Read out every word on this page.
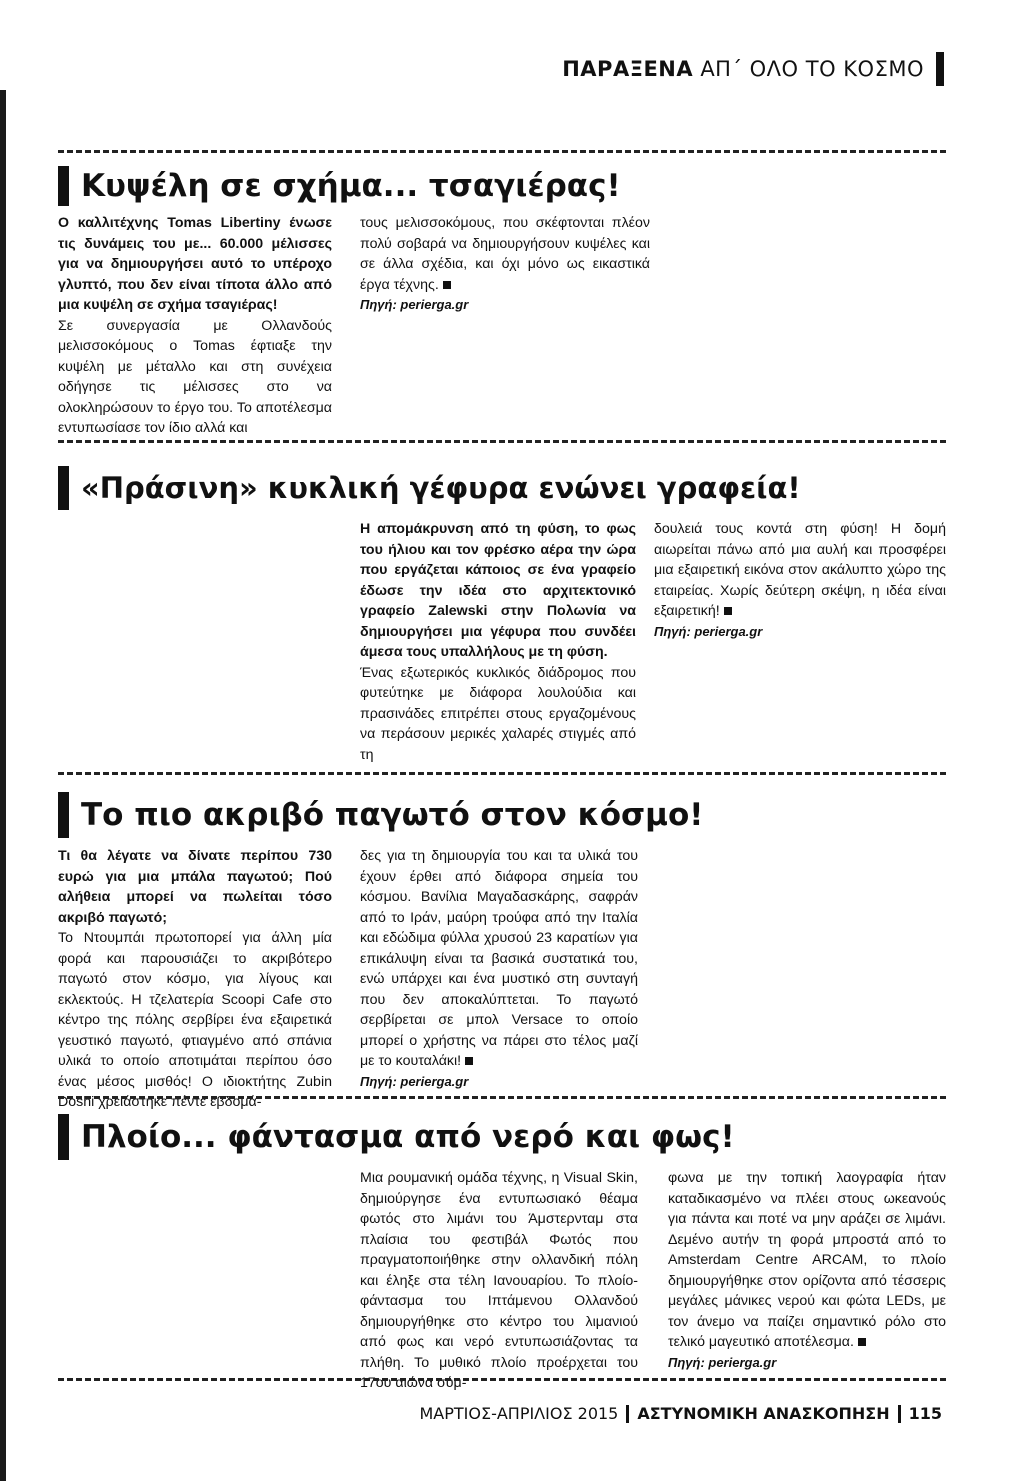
ΠΑΡΑΞΕΝΑ ΑΠ΄ ΟΛΟ ΤΟ ΚΟΣΜΟ
Κυψέλη σε σχήμα... τσαγιέρας!

Ο καλλιτέχνης Tomas Libertiny ένωσε τις δυνάμεις του με... 60.000 μέλισσες για να δημιουργήσει αυτό το υπέροχο γλυπτό, που δεν είναι τίποτα άλλο από μια κυψέλη σε σχήμα τσαγιέρας!

Σε συνεργασία με Ολλανδούς μελισσοκόμους ο Tomas έφτιαξε την κυψέλη με μέταλλο και στη συνέχεια οδήγησε τις μέλισσες στο να ολοκληρώσουν το έργο του. Το αποτέλεσμα εντυπωσίασε τον ίδιο αλλά και

τους μελισσοκόμους, που σκέφτονται πλέον πολύ σοβαρά να δημιουργήσουν κυψέλες και σε άλλα σχέδια, και όχι μόνο ως εικαστικά έργα τέχνης.

Πηγή: perierga.gr

«Πράσινη» κυκλική γέφυρα ενώνει γραφεία!

Η απομάκρυνση από τη φύση, το φως του ήλιου και τον φρέσκο αέρα την ώρα που εργάζεται κάποιος σε ένα γραφείο έδωσε την ιδέα στο αρχιτεκτονικό γραφείο Zalewski στην Πολωνία να δημιουργήσει μια γέφυρα που συνδέει άμεσα τους υπαλλήλους με τη φύση.

Ένας εξωτερικός κυκλικός διάδρομος που φυτεύτηκε με διάφορα λουλούδια και πρασινάδες επιτρέπει στους εργαζομένους να περάσουν μερικές χαλαρές στιγμές από τη

δουλειά τους κοντά στη φύση! Η δομή αιωρείται πάνω από μια αυλή και προσφέρει μια εξαιρετική εικόνα στον ακάλυπτο χώρο της εταιρείας. Χωρίς δεύτερη σκέψη, η ιδέα είναι εξαιρετική!

Πηγή: perierga.gr

Το πιο ακριβό παγωτό στον κόσμο!

Τι θα λέγατε να δίνατε περίπου 730 ευρώ για μια μπάλα παγωτού; Πού αλήθεια μπορεί να πωλείται τόσο ακριβό παγωτό;

Το Ντουμπάι πρωτοπορεί για άλλη μία φορά και παρουσιάζει το ακριβότερο παγωτό στον κόσμο, για λίγους και εκλεκτούς. Η τζελατερία Scoopi Cafe στο κέντρο της πόλης σερβίρει ένα εξαιρετικά γευστικό παγωτό, φτιαγμένο από σπάνια υλικά το οποίο αποτιμάται περίπου όσο ένας μέσος μισθός! Ο ιδιοκτήτης Zubin Doshi χρειάστηκε πέντε εβδομά-

δες για τη δημιουργία του και τα υλικά του έχουν έρθει από διάφορα σημεία του κόσμου. Βανίλια Μαγαδασκάρης, σαφράν από το Ιράν, μαύρη τρούφα από την Ιταλία και εδώδιμα φύλλα χρυσού 23 καρατίων για επικάλυψη είναι τα βασικά συστατικά του, ενώ υπάρχει και ένα μυστικό στη συνταγή που δεν αποκαλύπτεται. Το παγωτό σερβίρεται σε μπολ Versace το οποίο μπορεί ο χρήστης να πάρει στο τέλος μαζί με το κουταλάκι!

Πηγή: perierga.gr

Πλοίο... φάντασμα από νερό και φως!

Μια ρουμανική ομάδα τέχνης, η Visual Skin, δημιούργησε ένα εντυπωσιακό θέαμα φωτός στο λιμάνι του Άμστερνταμ στα πλαίσια του φεστιβάλ Φωτός που πραγματοποιήθηκε στην ολλανδική πόλη και έληξε στα τέλη Ιανουαρίου. Το πλοίο-φάντασμα του Ιπτάμενου Ολλανδού δημιουργήθηκε στο κέντρο του λιμανιού από φως και νερό εντυπωσιάζοντας τα πλήθη. Το μυθικό πλοίο προέρχεται του 17ου αιώνα σύμ-

φωνα με την τοπική λαογραφία ήταν καταδικασμένο να πλέει στους ωκεανούς για πάντα και ποτέ να μην αράζει σε λιμάνι. Δεμένο αυτήν τη φορά μπροστά από το Amsterdam Centre ARCAM, το πλοίο δημιουργήθηκε στον ορίζοντα από τέσσερις μεγάλες μάνικες νερού και φώτα LEDs, με τον άνεμο να παίζει σημαντικό ρόλο στο τελικό μαγευτικό αποτέλεσμα.

Πηγή: perierga.gr

ΜΑΡΤΙΟΣ-ΑΠΡΙΛΙΟΣ 2015 ΑΣΤΥΝΟΜΙΚΗ ΑΝΑΣΚΟΠΗΣΗ 115
